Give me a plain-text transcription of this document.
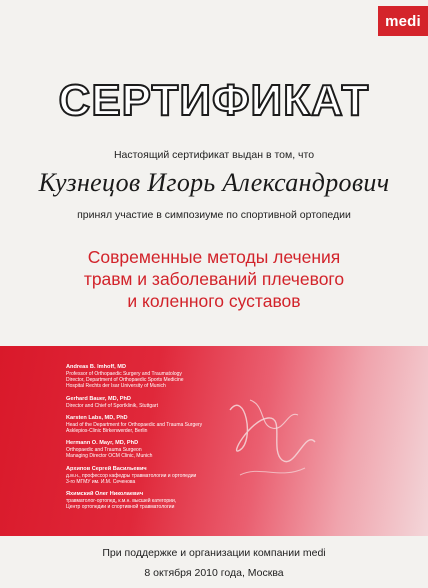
medi
СЕРТИФИКАТ
Настоящий сертификат выдан в том, что
Кузнецов Игорь Александрович
принял участие в симпозиуме по спортивной ортопедии
Современные методы лечения
травм и заболеваний плечевого
и коленного суставов
Andreas B. Imhoff, MD
Professor of Orthopaedic Surgery and Traumatology
Director, Department of Orthopaedic Sports Medicine
Hospital Rechts der Isar University of Munich
Gerhard Bauer, MD, PhD
Director and Chief of Sportklinik, Stuttgart
Karsten Labs, MD, PhD
Head of the Department for Orthopaedic and Trauma Surgery
Asklepios-Clinic Birkenwerder, Berlin
Hermann O. Mayr, MD, PhD
Orthopaedic and Trauma Surgeon
Managing Director OCM Clinic, Munich
Архипов Сергей Васильевич
д.м.н., профессор кафедры травматологии и ортопедии
3-го МГМУ им. И.М. Сеченова
Яхимский Олег Николаевич
травматолог-ортопед, к.м.н. высшей категории,
Центр ортопедии и спортивной травматологии
При поддержке и организации компании medi
8 октября 2010 года, Москва
